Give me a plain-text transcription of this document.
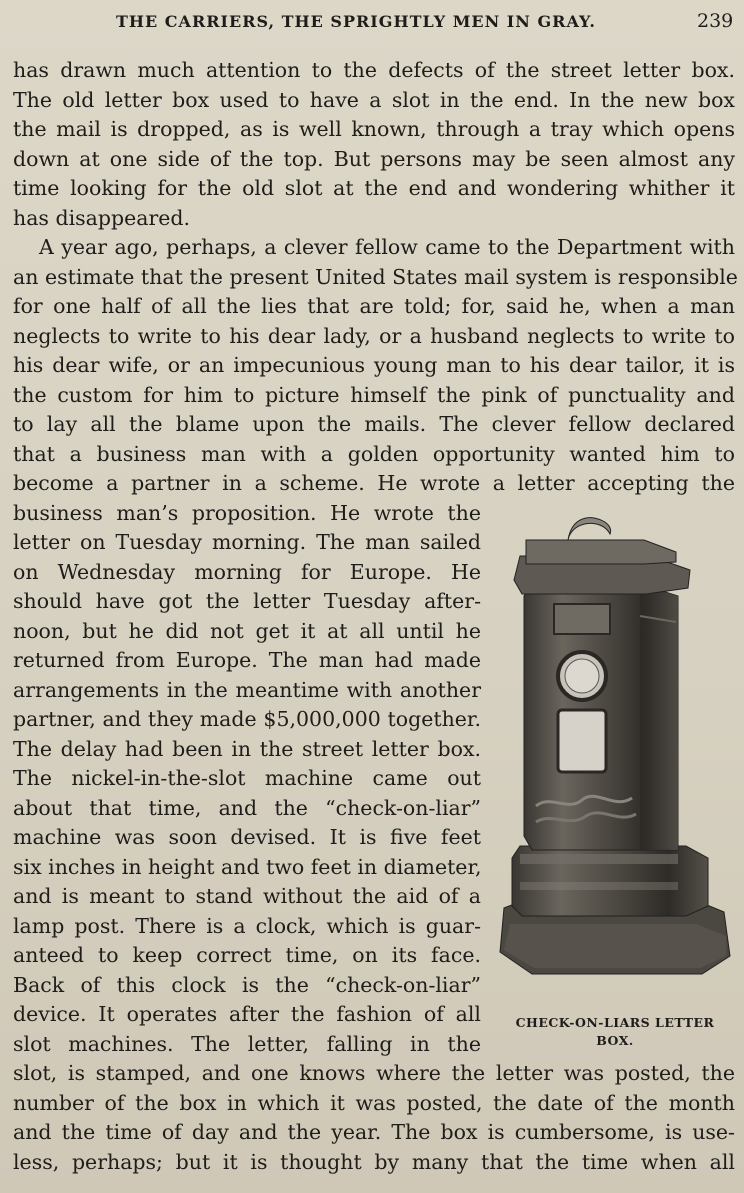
THE CARRIERS, THE SPRIGHTLY MEN IN GRAY.	239
has drawn much attention to the defects of the street letter box.
The old letter box used to have a slot in the end. In the new box
the mail is dropped, as is well known, through a tray which opens
down at one side of the top. But persons may be seen almost any
time looking for the old slot at the end and wondering whither it
has disappeared.
A year ago, perhaps, a clever fellow came to the Department with
an estimate that the present United States mail system is responsible
for one half of all the lies that are told; for, said he, when a man
neglects to write to his dear lady, or a husband neglects to write to
his dear wife, or an impecunious young man to his dear tailor, it is
the custom for him to picture himself the pink of punctuality and
to lay all the blame upon the mails. The clever fellow declared
that a business man with a golden opportunity wanted him to
become a partner in a scheme. He wrote a letter accepting the
business man’s proposition. He wrote the
letter on Tuesday morning. The man sailed
on Wednesday morning for Europe. He
should have got the letter Tuesday after-
noon, but he did not get it at all until he
returned from Europe. The man had made
arrangements in the meantime with another
partner, and they made $5,000,000 together.
The delay had been in the street letter box.
The nickel-in-the-slot machine came out
about that time, and the “check-on-liar”
machine was soon devised. It is five feet
six inches in height and two feet in diameter,
and is meant to stand without the aid of a
lamp post. There is a clock, which is guar-
anteed to keep correct time, on its face.
Back of this clock is the “check-on-liar”
device. It operates after the fashion of all
slot machines. The letter, falling in the
slot, is stamped, and one knows where the letter was posted, the
number of the box in which it was posted, the date of the month
and the time of day and the year. The box is cumbersome, is use-
less, perhaps; but it is thought by many that the time when all
CHECK-ON-LIARS LETTER
BOX.
